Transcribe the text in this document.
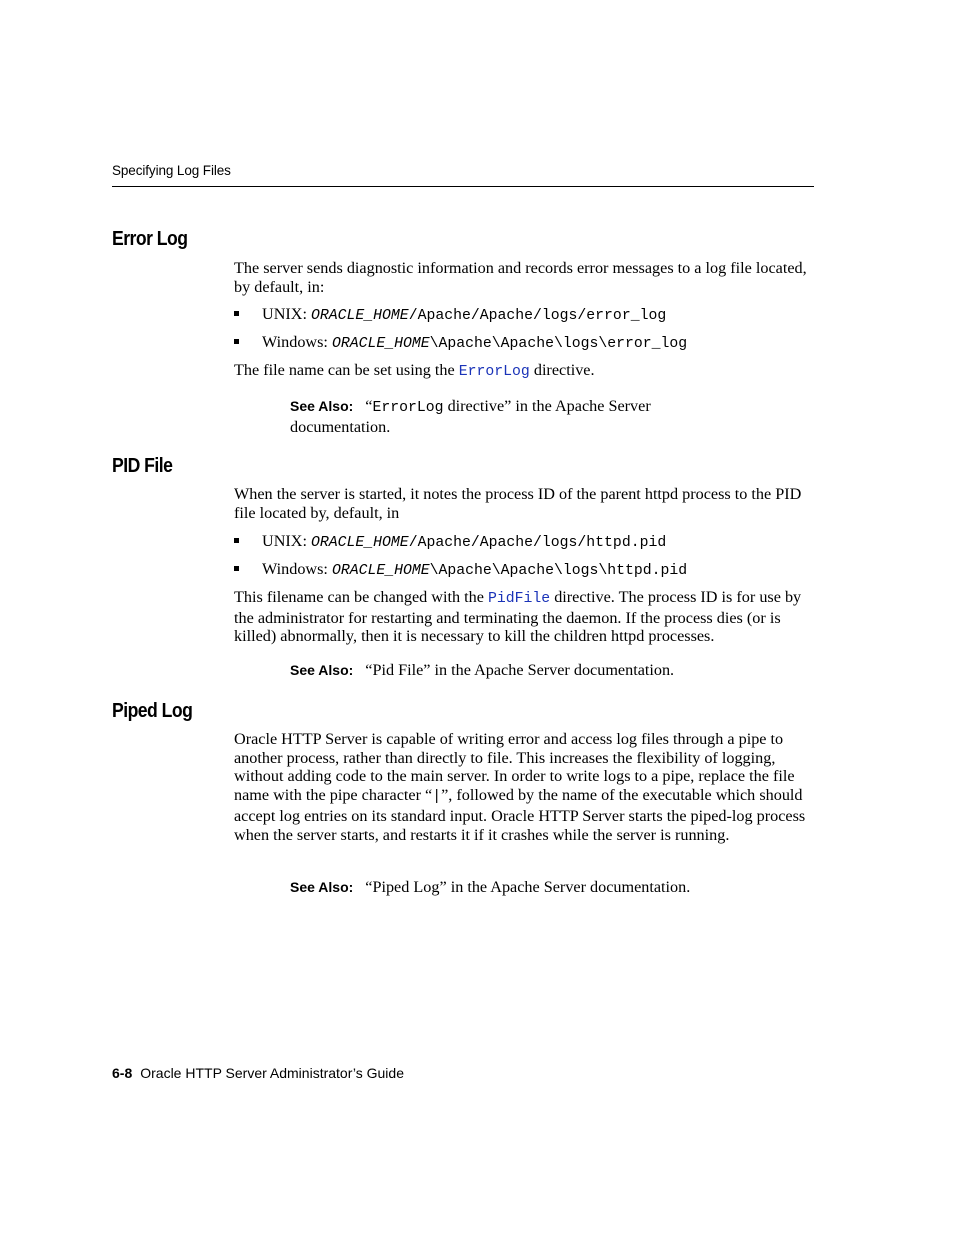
Specifying Log Files
Error Log

The server sends diagnostic information and records error messages to a log file located, by default, in:

UNIX: ORACLE_HOME/Apache/Apache/logs/error_log
Windows: ORACLE_HOME\Apache\Apache\logs\error_log

The file name can be set using the ErrorLog directive.

See Also: “ErrorLog directive” in the Apache Server documentation.

PID File

When the server is started, it notes the process ID of the parent httpd process to the PID file located by, default, in

UNIX: ORACLE_HOME/Apache/Apache/logs/httpd.pid
Windows: ORACLE_HOME\Apache\Apache\logs\httpd.pid

This filename can be changed with the PidFile directive. The process ID is for use by the administrator for restarting and terminating the daemon. If the process dies (or is killed) abnormally, then it is necessary to kill the children httpd processes.

See Also: “Pid File” in the Apache Server documentation.

Piped Log

Oracle HTTP Server is capable of writing error and access log files through a pipe to another process, rather than directly to file. This increases the flexibility of logging, without adding code to the main server. In order to write logs to a pipe, replace the file name with the pipe character “|”, followed by the name of the executable which should accept log entries on its standard input. Oracle HTTP Server starts the piped-log process when the server starts, and restarts it if it crashes while the server is running.

See Also: “Piped Log” in the Apache Server documentation.

6-8 Oracle HTTP Server Administrator’s Guide
